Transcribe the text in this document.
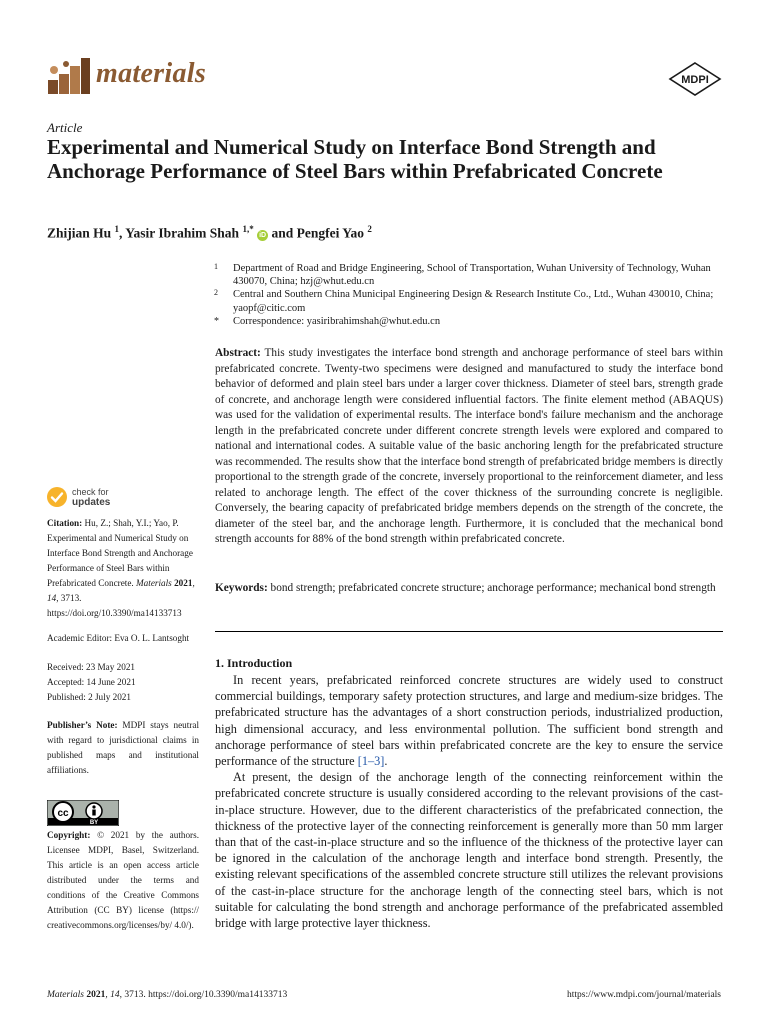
materials	MDPI
Article
Experimental and Numerical Study on Interface Bond Strength and Anchorage Performance of Steel Bars within Prefabricated Concrete
Zhijian Hu $^1$, Yasir Ibrahim Shah $^{1,*}$ iD and Pengfei Yao $^2$
1 Department of Road and Bridge Engineering, School of Transportation, Wuhan University of Technology, Wuhan 430070, China; hzj@whut.edu.cn
2 Central and Southern China Municipal Engineering Design & Research Institute Co., Ltd., Wuhan 430010, China; yaopf@citic.com
* Correspondence: yasiribrahimshah@whut.edu.cn
Abstract: This study investigates the interface bond strength and anchorage performance of steel bars within prefabricated concrete. Twenty-two specimens were designed and manufactured to study the interface bond behavior of deformed and plain steel bars under a larger cover thickness. Diameter of steel bars, strength grade of concrete, and anchorage length were considered influential factors. The finite element method (ABAQUS) was used for the validation of experimental results. The interface bond's failure mechanism and the anchorage length in the prefabricated concrete under different concrete strength levels were explored and compared to national and international codes. A suitable value of the basic anchoring length for the prefabricated structure was recommended. The results show that the interface bond strength of prefabricated bridge members is directly proportional to the strength grade of the concrete, inversely proportional to the reinforcement diameter, and less related to anchorage length. The effect of the cover thickness of the surrounding concrete is negligible. Conversely, the bearing capacity of prefabricated bridge members depends on the strength of the concrete, the diameter of the steel bar, and the anchorage length. Furthermore, it is concluded that the mechanical bond strength accounts for 88% of the bond strength within prefabricated concrete.
Keywords: bond strength; prefabricated concrete structure; anchorage performance; mechanical bond strength
check for
updates
Citation: Hu, Z.; Shah, Y.I.; Yao, P. Experimental and Numerical Study on Interface Bond Strength and Anchorage Performance of Steel Bars within Prefabricated Concrete. Materials 2021, 14, 3713. https://doi.org/10.3390/ma14133713
Academic Editor: Eva O. L. Lantsoght
Received: 23 May 2021
Accepted: 14 June 2021
Published: 2 July 2021
Publisher’s Note: MDPI stays neutral with regard to jurisdictional claims in published maps and institutional affiliations.
cc
BY
Copyright: © 2021 by the authors. Licensee MDPI, Basel, Switzerland. This article is an open access article distributed under the terms and conditions of the Creative Commons Attribution (CC BY) license (https:// creativecommons.org/licenses/by/ 4.0/).
1. Introduction

In recent years, prefabricated reinforced concrete structures are widely used to construct commercial buildings, temporary safety protection structures, and large and medium-size bridges. The prefabricated structure has the advantages of a short construction periods, industrialized production, high dimensional accuracy, and less environmental pollution. The sufficient bond strength and anchorage performance of steel bars within prefabricated concrete are the key to ensure the service performance of the structure [1–3].

At present, the design of the anchorage length of the connecting reinforcement within the prefabricated concrete structure is usually considered according to the relevant provisions of the cast-in-place structure. However, due to the different characteristics of the prefabricated connection, the thickness of the protective layer of the connecting reinforcement is generally more than 50 mm larger than that of the cast-in-place structure and so the influence of the thickness of the protective layer can be ignored in the calculation of the anchorage length and interface bond strength. Presently, the existing relevant specifications of the assembled concrete structure still utilizes the relevant provisions of the cast-in-place structure for the anchorage length of the connecting steel bars, which is not suitable for calculating the bond strength and anchorage performance of the prefabricated assembled bridge with large protective layer thickness.

Materials 2021, 14, 3713. https://doi.org/10.3390/ma14133713	https://www.mdpi.com/journal/materials
